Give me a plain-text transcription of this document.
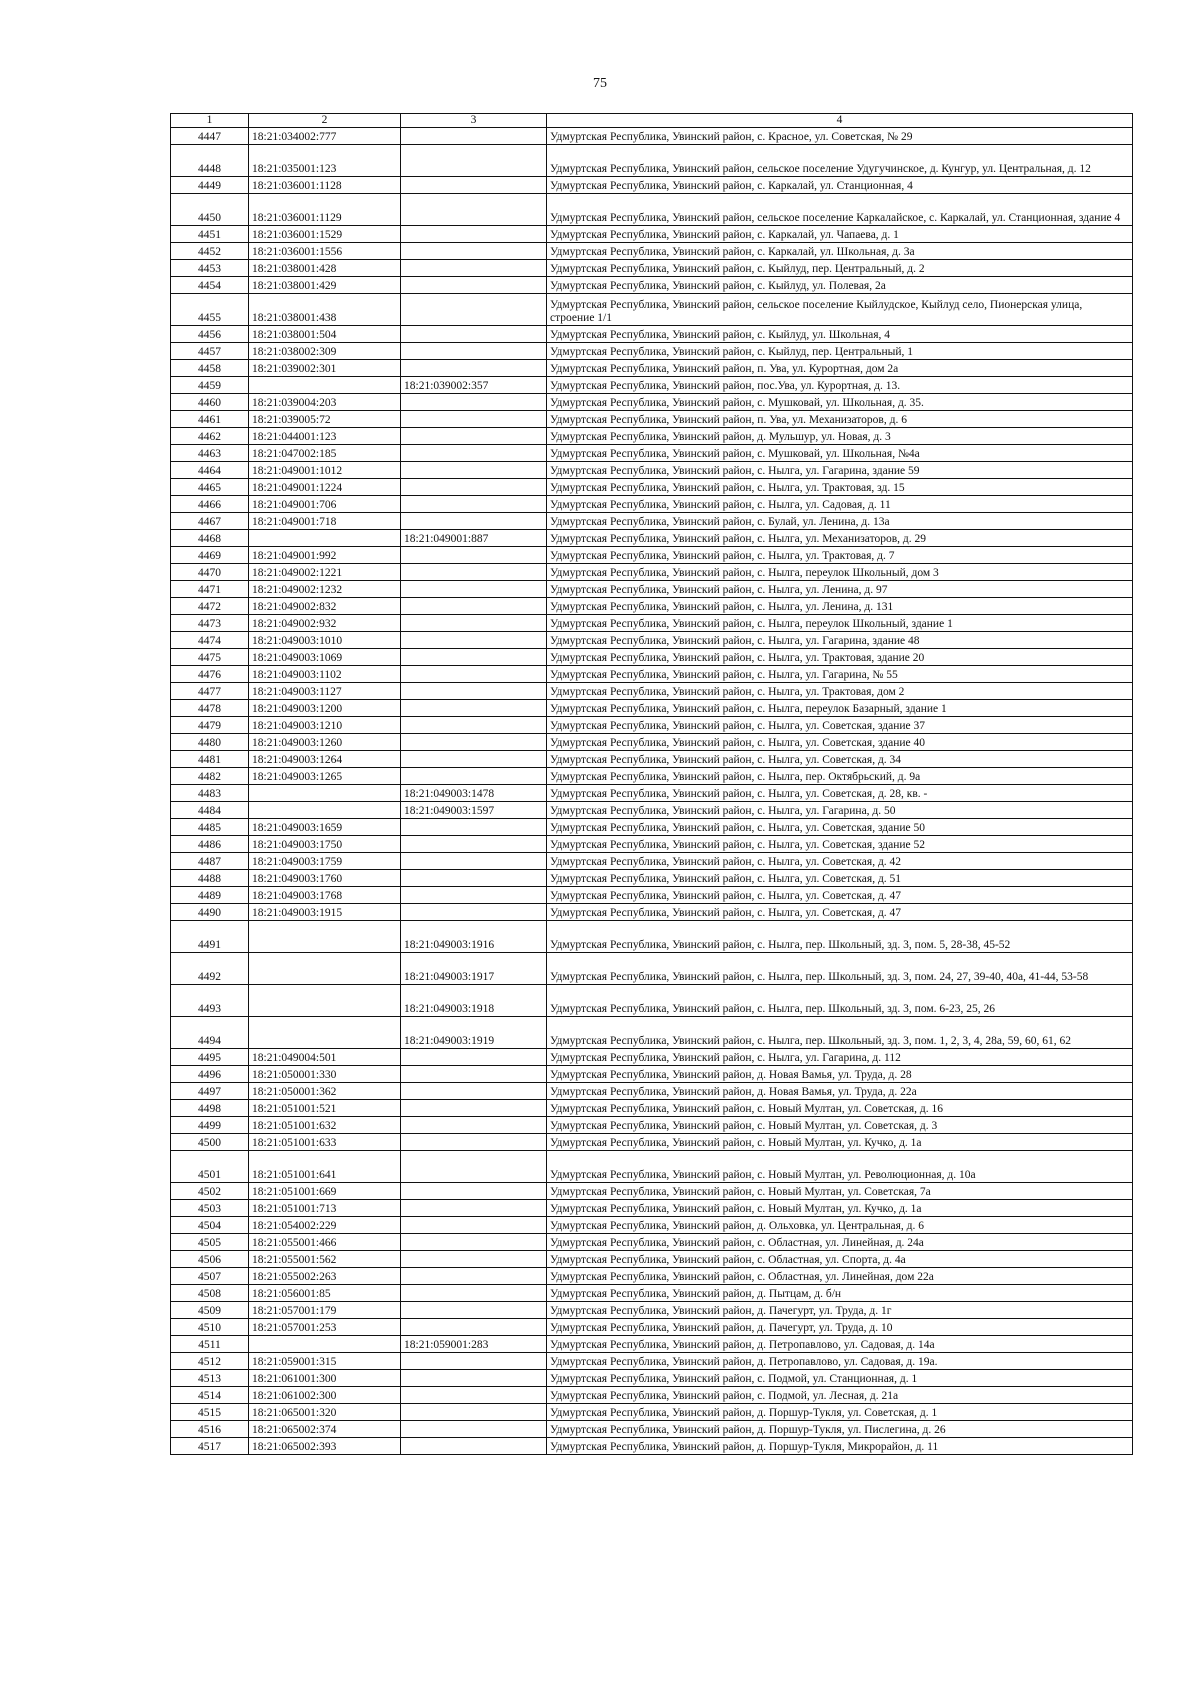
75
1	2	3	4
4447	18:21:034002:777		Удмуртская Республика, Увинский район, с. Красное, ул. Советская, № 29
4448	18:21:035001:123		Удмуртская Республика, Увинский район, сельское поселение Удугучинское, д. Кунгур, ул. Центральная, д. 12
4449	18:21:036001:1128		Удмуртская Республика, Увинский район, с. Каркалай, ул. Станционная, 4
4450	18:21:036001:1129		Удмуртская Республика, Увинский район, сельское поселение Каркалайское, с. Каркалай, ул. Станционная, здание 4
4451	18:21:036001:1529		Удмуртская Республика, Увинский район, с. Каркалай, ул. Чапаева, д. 1
4452	18:21:036001:1556		Удмуртская Республика, Увинский район, с. Каркалай, ул. Школьная, д. 3а
4453	18:21:038001:428		Удмуртская Республика, Увинский район, с. Кыйлуд, пер. Центральный, д. 2
4454	18:21:038001:429		Удмуртская Республика, Увинский район, с. Кыйлуд, ул. Полевая, 2а
4455	18:21:038001:438		Удмуртская Республика, Увинский район, сельское поселение Кыйлудское, Кыйлуд село, Пионерская улица, строение 1/1
4456	18:21:038001:504		Удмуртская Республика, Увинский район, с. Кыйлуд, ул. Школьная, 4
4457	18:21:038002:309		Удмуртская Республика, Увинский район, с. Кыйлуд, пер. Центральный, 1
4458	18:21:039002:301		Удмуртская Республика, Увинский район, п. Ува, ул. Курортная, дом 2а
4459		18:21:039002:357	Удмуртская Республика, Увинский район, пос.Ува, ул. Курортная, д. 13.
4460	18:21:039004:203		Удмуртская Республика, Увинский район, с. Мушковай, ул. Школьная, д. 35.
4461	18:21:039005:72		Удмуртская Республика, Увинский район, п. Ува, ул. Механизаторов, д. 6
4462	18:21:044001:123		Удмуртская Республика, Увинский район, д. Мульшур, ул. Новая, д. 3
4463	18:21:047002:185		Удмуртская Республика, Увинский район, с. Мушковай, ул. Школьная, №4а
4464	18:21:049001:1012		Удмуртская Республика, Увинский район, с. Нылга, ул. Гагарина, здание 59
4465	18:21:049001:1224		Удмуртская Республика, Увинский район, с. Нылга, ул. Трактовая, зд. 15
4466	18:21:049001:706		Удмуртская Республика, Увинский район, с. Нылга, ул. Садовая, д. 11
4467	18:21:049001:718		Удмуртская Республика, Увинский район, с. Булай, ул. Ленина, д. 13а
4468		18:21:049001:887	Удмуртская Республика, Увинский район, с. Нылга, ул. Механизаторов, д. 29
4469	18:21:049001:992		Удмуртская Республика, Увинский район, с. Нылга, ул. Трактовая, д. 7
4470	18:21:049002:1221		Удмуртская Республика, Увинский район, с. Нылга, переулок Школьный, дом 3
4471	18:21:049002:1232		Удмуртская Республика, Увинский район, с. Нылга, ул. Ленина, д. 97
4472	18:21:049002:832		Удмуртская Республика, Увинский район, с. Нылга, ул. Ленина, д. 131
4473	18:21:049002:932		Удмуртская Республика, Увинский район, с. Нылга, переулок Школьный, здание 1
4474	18:21:049003:1010		Удмуртская Республика, Увинский район, с. Нылга, ул. Гагарина, здание 48
4475	18:21:049003:1069		Удмуртская Республика, Увинский район, с. Нылга, ул. Трактовая, здание 20
4476	18:21:049003:1102		Удмуртская Республика, Увинский район, с. Нылга, ул. Гагарина, № 55
4477	18:21:049003:1127		Удмуртская Республика, Увинский район, с. Нылга, ул. Трактовая, дом 2
4478	18:21:049003:1200		Удмуртская Республика, Увинский район, с. Нылга, переулок Базарный, здание 1
4479	18:21:049003:1210		Удмуртская Республика, Увинский район, с. Нылга, ул. Советская, здание 37
4480	18:21:049003:1260		Удмуртская Республика, Увинский район, с. Нылга, ул. Советская, здание 40
4481	18:21:049003:1264		Удмуртская Республика, Увинский район, с. Нылга, ул. Советская, д. 34
4482	18:21:049003:1265		Удмуртская Республика, Увинский район, с. Нылга, пер. Октябрьский, д. 9а
4483		18:21:049003:1478	Удмуртская Республика, Увинский район, с. Нылга, ул. Советская, д. 28, кв. -
4484		18:21:049003:1597	Удмуртская Республика, Увинский район, с. Нылга, ул. Гагарина, д. 50
4485	18:21:049003:1659		Удмуртская Республика, Увинский район, с. Нылга, ул. Советская, здание 50
4486	18:21:049003:1750		Удмуртская Республика, Увинский район, с. Нылга, ул. Советская, здание 52
4487	18:21:049003:1759		Удмуртская Республика, Увинский район, с. Нылга, ул. Советская, д. 42
4488	18:21:049003:1760		Удмуртская Республика, Увинский район, с. Нылга, ул. Советская, д. 51
4489	18:21:049003:1768		Удмуртская Республика, Увинский район, с. Нылга, ул. Советская, д. 47
4490	18:21:049003:1915		Удмуртская Республика, Увинский район, с. Нылга, ул. Советская, д. 47
4491		18:21:049003:1916	Удмуртская Республика, Увинский район, с. Нылга, пер. Школьный, зд. 3, пом. 5, 28-38, 45-52
4492		18:21:049003:1917	Удмуртская Республика, Увинский район, с. Нылга, пер. Школьный, зд. 3, пом. 24, 27, 39-40, 40а, 41-44, 53-58
4493		18:21:049003:1918	Удмуртская Республика, Увинский район, с. Нылга, пер. Школьный, зд. 3, пом. 6-23, 25, 26
4494		18:21:049003:1919	Удмуртская Республика, Увинский район, с. Нылга, пер. Школьный, зд. 3, пом. 1, 2, 3, 4, 28а, 59, 60, 61, 62
4495	18:21:049004:501		Удмуртская Республика, Увинский район, с. Нылга, ул. Гагарина, д. 112
4496	18:21:050001:330		Удмуртская Республика, Увинский район, д. Новая Вамья, ул. Труда, д. 28
4497	18:21:050001:362		Удмуртская Республика, Увинский район, д. Новая Вамья, ул. Труда, д. 22а
4498	18:21:051001:521		Удмуртская Республика, Увинский район, с. Новый Мултан, ул. Советская, д. 16
4499	18:21:051001:632		Удмуртская Республика, Увинский район, с. Новый Мултан, ул. Советская, д. 3
4500	18:21:051001:633		Удмуртская Республика, Увинский район, с. Новый Мултан, ул. Кучко, д. 1а
4501	18:21:051001:641		Удмуртская Республика, Увинский район, с. Новый Мултан, ул. Революционная, д. 10а
4502	18:21:051001:669		Удмуртская Республика, Увинский район, с. Новый Мултан, ул. Советская, 7а
4503	18:21:051001:713		Удмуртская Республика, Увинский район, с. Новый Мултан, ул. Кучко, д. 1а
4504	18:21:054002:229		Удмуртская Республика, Увинский район, д. Ольховка, ул. Центральная, д. 6
4505	18:21:055001:466		Удмуртская Республика, Увинский район, с. Областная, ул. Линейная, д. 24а
4506	18:21:055001:562		Удмуртская Республика, Увинский район, с. Областная, ул. Спорта, д. 4а
4507	18:21:055002:263		Удмуртская Республика, Увинский район, с. Областная, ул. Линейная, дом 22а
4508	18:21:056001:85		Удмуртская Республика, Увинский район, д. Пытцам, д. б/н
4509	18:21:057001:179		Удмуртская Республика, Увинский район, д. Пачегурт, ул. Труда, д. 1г
4510	18:21:057001:253		Удмуртская Республика, Увинский район, д. Пачегурт, ул. Труда, д. 10
4511		18:21:059001:283	Удмуртская Республика, Увинский район, д. Петропавлово, ул. Садовая, д. 14а
4512	18:21:059001:315		Удмуртская Республика, Увинский район, д. Петропавлово, ул. Садовая, д. 19а.
4513	18:21:061001:300		Удмуртская Республика, Увинский район, с. Подмой, ул. Станционная, д. 1
4514	18:21:061002:300		Удмуртская Республика, Увинский район, с. Подмой, ул. Лесная, д. 21а
4515	18:21:065001:320		Удмуртская Республика, Увинский район, д. Поршур-Тукля, ул. Советская, д. 1
4516	18:21:065002:374		Удмуртская Республика, Увинский район, д. Поршур-Тукля, ул. Пислегина, д. 26
4517	18:21:065002:393		Удмуртская Республика, Увинский район, д. Поршур-Тукля, Микрорайон, д. 11
